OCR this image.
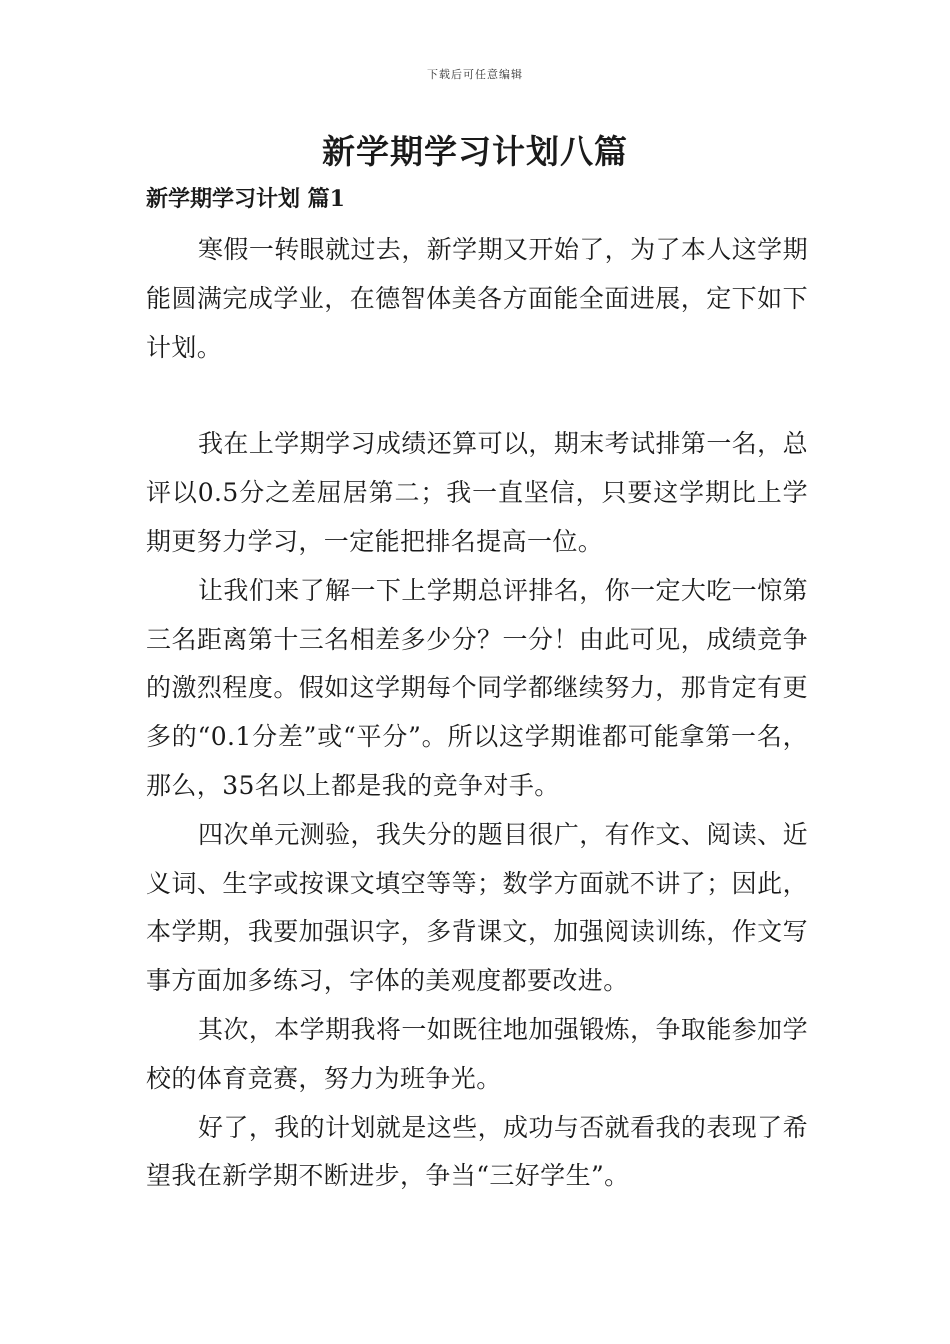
下载后可任意编辑
新学期学习计划八篇
新学期学习计划 篇1

寒假一转眼就过去，新学期又开始了，为了本人这学期能圆满完成学业，在德智体美各方面能全面进展，定下如下计划。

我在上学期学习成绩还算可以，期末考试排第一名，总评以0.5分之差屈居第二；我一直坚信，只要这学期比上学期更努力学习，一定能把排名提高一位。

让我们来了解一下上学期总评排名，你一定大吃一惊第三名距离第十三名相差多少分？一分！由此可见，成绩竞争的激烈程度。假如这学期每个同学都继续努力，那肯定有更多的“0.1分差”或“平分”。所以这学期谁都可能拿第一名，那么，35名以上都是我的竞争对手。

四次单元测验，我失分的题目很广，有作文、阅读、近义词、生字或按课文填空等等；数学方面就不讲了；因此，本学期，我要加强识字，多背课文，加强阅读训练，作文写事方面加多练习，字体的美观度都要改进。

其次，本学期我将一如既往地加强锻炼，争取能参加学校的体育竞赛，努力为班争光。

好了，我的计划就是这些，成功与否就看我的表现了希望我在新学期不断进步，争当“三好学生”。
